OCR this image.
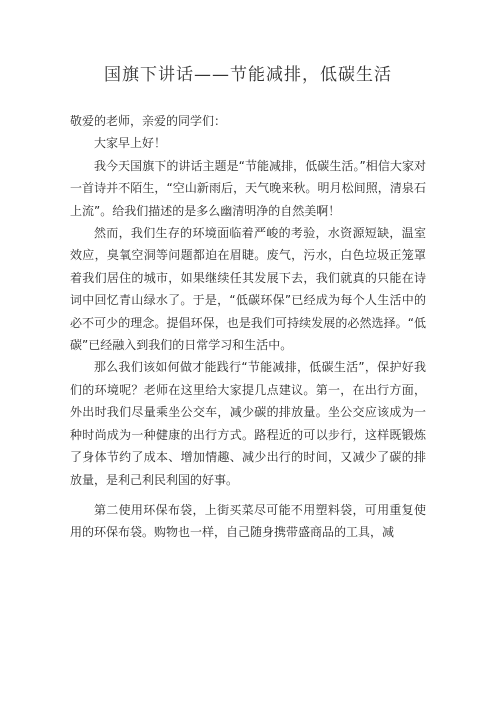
国旗下讲话——节能减排，低碳生活

敬爱的老师，亲爱的同学们：

大家早上好！

我今天国旗下的讲话主题是“节能减排，低碳生活。”相信大家对一首诗并不陌生，“空山新雨后，天气晚来秋。明月松间照，清泉石上流”。给我们描述的是多么幽清明净的自然美啊！

然而，我们生存的环境面临着严峻的考验，水资源短缺，温室效应，臭氧空洞等问题都迫在眉睫。废气，污水，白色垃圾正笼罩着我们居住的城市，如果继续任其发展下去，我们就真的只能在诗词中回忆青山绿水了。于是，“低碳环保”已经成为每个人生活中的必不可少的理念。提倡环保，也是我们可持续发展的必然选择。“低碳”已经融入到我们的日常学习和生活中。

那么我们该如何做才能践行“节能减排，低碳生活”，保护好我们的环境呢？老师在这里给大家提几点建议。第一，在出行方面，外出时我们尽量乘坐公交车，减少碳的排放量。坐公交应该成为一种时尚成为一种健康的出行方式。路程近的可以步行，这样既锻炼了身体节约了成本、增加情趣、减少出行的时间，又减少了碳的排放量，是利己利民利国的好事。

第二使用环保布袋，上街买菜尽可能不用塑料袋，可用重复使用的环保布袋。购物也一样，自己随身携带盛商品的工具，减
